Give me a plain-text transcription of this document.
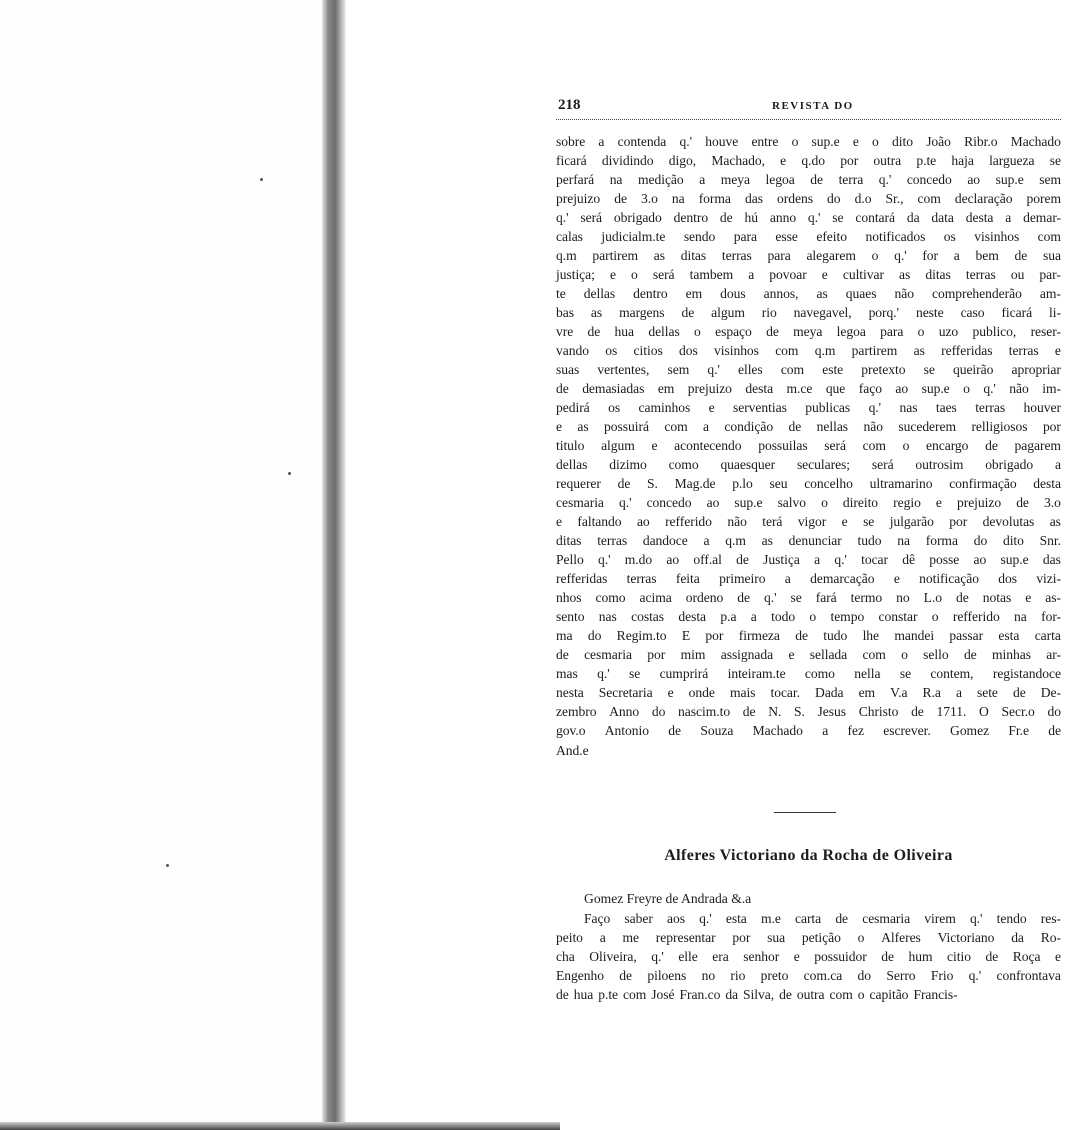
218	REVISTA DO
sobre a contenda q.' houve entre o sup.e e o dito João Ribr.o Machado
ficará dividindo digo, Machado, e q.do por outra p.te haja largueza se
perfará na medição a meya legoa de terra q.' concedo ao sup.e sem
prejuizo de 3.o na forma das ordens do d.o Sr., com declaração porem
q.' será obrigado dentro de hú anno q.' se contará da data desta a demar-
calas judicialm.te sendo para esse efeito notificados os visinhos com
q.m partirem as ditas terras para alegarem o q.' for a bem de sua
justiça; e o será tambem a povoar e cultivar as ditas terras ou par-
te dellas dentro em dous annos, as quaes não comprehenderão am-
bas as margens de algum rio navegavel, porq.' neste caso ficará li-
vre de hua dellas o espaço de meya legoa para o uzo publico, reser-
vando os citios dos visinhos com q.m partirem as refferidas terras e
suas vertentes, sem q.' elles com este pretexto se queirão apropriar
de demasiadas em prejuizo desta m.ce que faço ao sup.e o q.' não im-
pedirá os caminhos e serventias publicas q.' nas taes terras houver
e as possuirá com a condição de nellas não sucederem relligiosos por
titulo algum e acontecendo possuilas será com o encargo de pagarem
dellas dizimo como quaesquer seculares; será outrosim obrigado a
requerer de S. Mag.de p.lo seu concelho ultramarino confirmação desta
cesmaria q.' concedo ao sup.e salvo o direito regio e prejuizo de 3.o
e faltando ao refferido não terá vigor e se julgarão por devolutas as
ditas terras dandoce a q.m as denunciar tudo na forma do dito Snr.
Pello q.' m.do ao off.al de Justiça a q.' tocar dê posse ao sup.e das
refferidas terras feita primeiro a demarcação e notificação dos vizi-
nhos como acima ordeno de q.' se fará termo no L.o de notas e as-
sento nas costas desta p.a a todo o tempo constar o refferido na for-
ma do Regim.to E por firmeza de tudo lhe mandei passar esta carta
de cesmaria por mim assignada e sellada com o sello de minhas ar-
mas q.' se cumprirá inteiram.te como nella se contem, registandoce
nesta Secretaria e onde mais tocar. Dada em V.a R.a a sete de De-
zembro Anno do nascim.to de N. S. Jesus Christo de 1711. O Secr.o do
gov.o Antonio de Souza Machado a fez escrever. Gomez Fr.e de
And.e
Alferes Victoriano da Rocha de Oliveira
Gomez Freyre de Andrada &.a
Faço saber aos q.' esta m.e carta de cesmaria virem q.' tendo res-
peito a me representar por sua petição o Alferes Victoriano da Ro-
cha Oliveira, q.' elle era senhor e possuidor de hum citio de Roça e
Engenho de piloens no rio preto com.ca do Serro Frio q.' confrontava
de hua p.te com José Fran.co da Silva, de outra com o capitão Francis-
